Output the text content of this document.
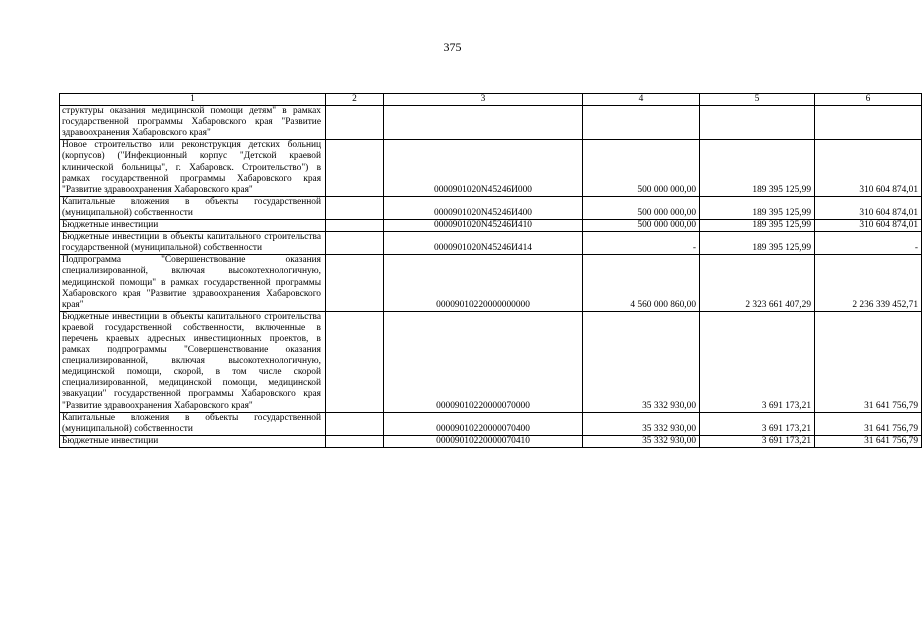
375
1	2	3	4	5	6
структуры оказания медицинской помощи детям" в рамках государственной программы Хабаровского края "Развитие здравоохранения Хабаровского края"					
Новое строительство или реконструкция детских больниц (корпусов) ("Инфекционный корпус "Детской краевой клинической больницы", г. Хабаровск. Строительство") в рамках государственной программы Хабаровского края "Развитие здравоохранения Хабаровского края"		0000901020N45246И000	500 000 000,00	189 395 125,99	310 604 874,01
Капитальные вложения в объекты государственной (муниципальной) собственности		0000901020N45246И400	500 000 000,00	189 395 125,99	310 604 874,01
Бюджетные инвестиции		0000901020N45246И410	500 000 000,00	189 395 125,99	310 604 874,01
Бюджетные инвестиции в объекты капитального строительства государственной (муниципальной) собственности		0000901020N45246И414	-	189 395 125,99	-
Подпрограмма "Совершенствование оказания специализированной, включая высокотехнологичную, медицинской помощи" в рамках государственной программы Хабаровского края "Развитие здравоохранения Хабаровского края"		00009010220000000000	4 560 000 860,00	2 323 661 407,29	2 236 339 452,71
Бюджетные инвестиции в объекты капитального строительства краевой государственной собственности, включенные в перечень краевых адресных инвестиционных проектов, в рамках подпрограммы "Совершенствование оказания специализированной, включая высокотехнологичную, медицинской помощи, скорой, в том числе скорой специализированной, медицинской помощи, медицинской эвакуации" государственной программы Хабаровского края "Развитие здравоохранения Хабаровского края"		00009010220000070000	35 332 930,00	3 691 173,21	31 641 756,79
Капитальные вложения в объекты государственной (муниципальной) собственности		00009010220000070400	35 332 930,00	3 691 173,21	31 641 756,79
Бюджетные инвестиции		00009010220000070410	35 332 930,00	3 691 173,21	31 641 756,79
